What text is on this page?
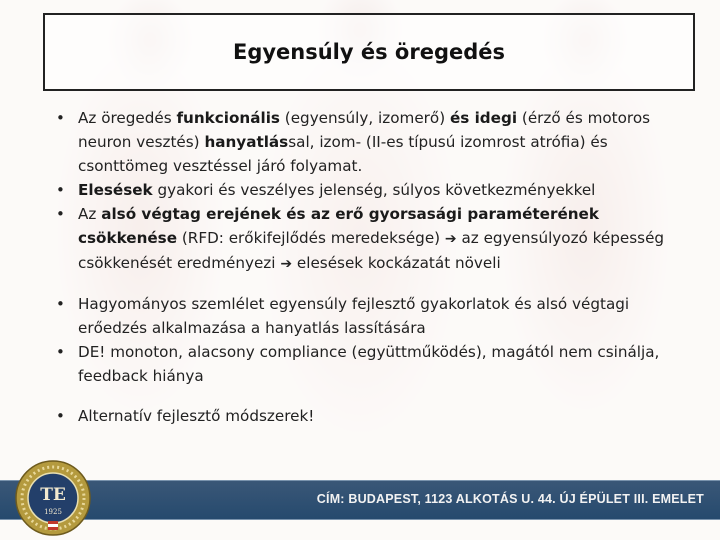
Egyensúly és öregedés
• Az öregedés funkcionális (egyensúly, izomerő) és idegi (érző és motoros neuron vesztés) hanyatlással, izom- (II-es típusú izomrost atrófia) és csonttömeg vesztéssel járó folyamat.
• Elesések gyakori és veszélyes jelenség, súlyos következményekkel
• Az alsó végtag erejének és az erő gyorsasági paraméterének csökkenése (RFD: erőkifejlődés meredeksége) ➔ az egyensúlyozó képesség csökkenését eredményezi ➔ elesések kockázatát növeli
• Hagyományos szemlélet egyensúly fejlesztő gyakorlatok és alsó végtagi erőedzés alkalmazása a hanyatlás lassítására
• DE! monoton, alacsony compliance (együttműködés), magától nem csinálja, feedback hiánya
• Alternatív fejlesztő módszerek!
CÍM: BUDAPEST, 1123 ALKOTÁS U. 44. ÚJ ÉPÜLET III. EMELET
TE
1925
